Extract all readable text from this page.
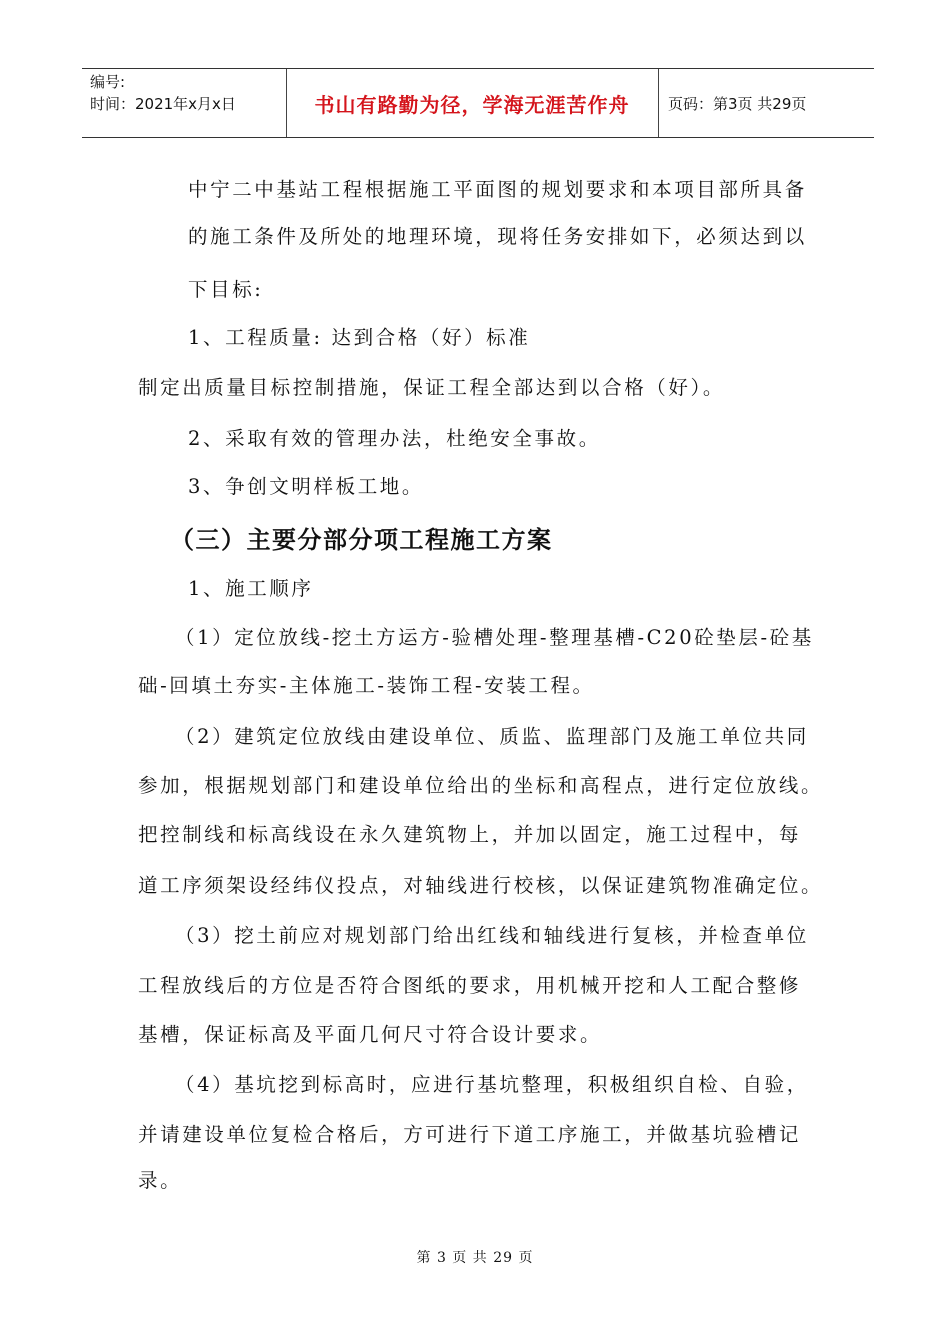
编号:
时间：2021年x月x日	书山有路勤为径，学海无涯苦作舟	页码：第3页 共29页

中宁二中基站工程根据施工平面图的规划要求和本项目部所具备

的施工条件及所处的地理环境，现将任务安排如下，必须达到以

下目标:

1、工程质量: 达到合格（好）标准

制定出质量目标控制措施，保证工程全部达到以合格（好）。

2、采取有效的管理办法，杜绝安全事故。

3、争创文明样板工地。

（三）主要分部分项工程施工方案

1、施工顺序

（1）定位放线-挖土方运方-验槽处理-整理基槽-C20砼垫层-砼基

础-回填土夯实-主体施工-装饰工程-安装工程。

（2）建筑定位放线由建设单位、质监、监理部门及施工单位共同

参加，根据规划部门和建设单位给出的坐标和高程点，进行定位放线。

把控制线和标高线设在永久建筑物上，并加以固定，施工过程中，每

道工序须架设经纬仪投点，对轴线进行校核，以保证建筑物准确定位。

（3）挖土前应对规划部门给出红线和轴线进行复核，并检查单位

工程放线后的方位是否符合图纸的要求，用机械开挖和人工配合整修

基槽，保证标高及平面几何尺寸符合设计要求。

（4）基坑挖到标高时，应进行基坑整理，积极组织自检、自验，

并请建设单位复检合格后，方可进行下道工序施工，并做基坑验槽记

录。

第 3 页 共 29 页
